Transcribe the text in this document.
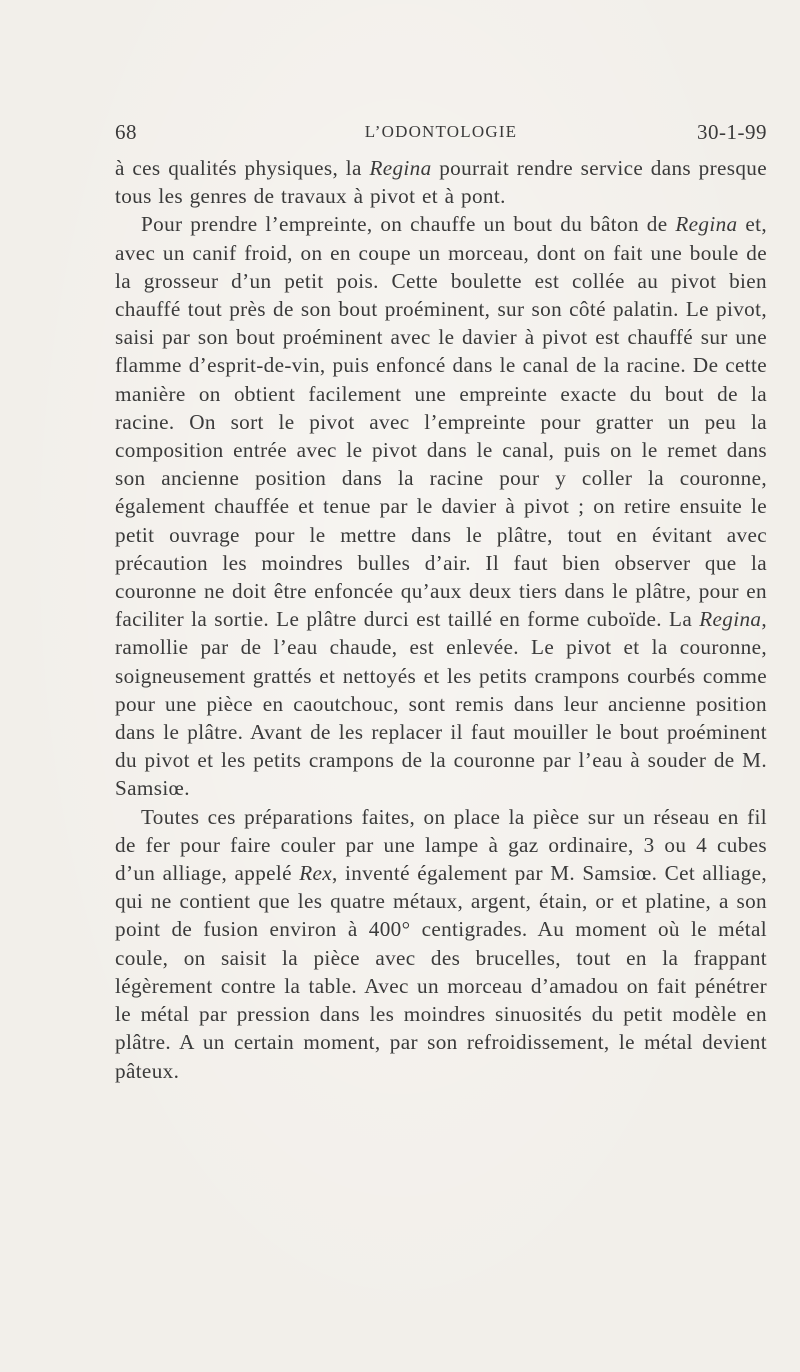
68	L’ODONTOLOGIE	30-1-99

à ces qualités physiques, la Regina pourrait rendre service dans presque tous les genres de travaux à pivot et à pont.

Pour prendre l’empreinte, on chauffe un bout du bâton de Regina et, avec un canif froid, on en coupe un morceau, dont on fait une boule de la grosseur d’un petit pois. Cette boulette est collée au pivot bien chauffé tout près de son bout proéminent, sur son côté palatin. Le pivot, saisi par son bout proéminent avec le davier à pivot est chauffé sur une flamme d’esprit-de-vin, puis enfoncé dans le canal de la racine. De cette manière on obtient facilement une empreinte exacte du bout de la racine. On sort le pivot avec l’empreinte pour gratter un peu la composition entrée avec le pivot dans le canal, puis on le remet dans son ancienne position dans la racine pour y coller la couronne, également chauffée et tenue par le davier à pivot ; on retire ensuite le petit ouvrage pour le mettre dans le plâtre, tout en évitant avec précaution les moindres bulles d’air. Il faut bien observer que la couronne ne doit être enfoncée qu’aux deux tiers dans le plâtre, pour en faciliter la sortie. Le plâtre durci est taillé en forme cuboïde. La Regina, ramollie par de l’eau chaude, est enlevée. Le pivot et la couronne, soigneusement grattés et nettoyés et les petits crampons courbés comme pour une pièce en caoutchouc, sont remis dans leur ancienne position dans le plâtre. Avant de les replacer il faut mouiller le bout proéminent du pivot et les petits crampons de la couronne par l’eau à souder de M. Samsiœ.

Toutes ces préparations faites, on place la pièce sur un réseau en fil de fer pour faire couler par une lampe à gaz ordinaire, 3 ou 4 cubes d’un alliage, appelé Rex, inventé également par M. Samsiœ. Cet alliage, qui ne contient que les quatre métaux, argent, étain, or et platine, a son point de fusion environ à 400° centigrades. Au moment où le métal coule, on saisit la pièce avec des brucelles, tout en la frappant légèrement contre la table. Avec un morceau d’amadou on fait pénétrer le métal par pression dans les moindres sinuosités du petit modèle en plâtre. A un certain moment, par son refroidissement, le métal devient pâteux.
